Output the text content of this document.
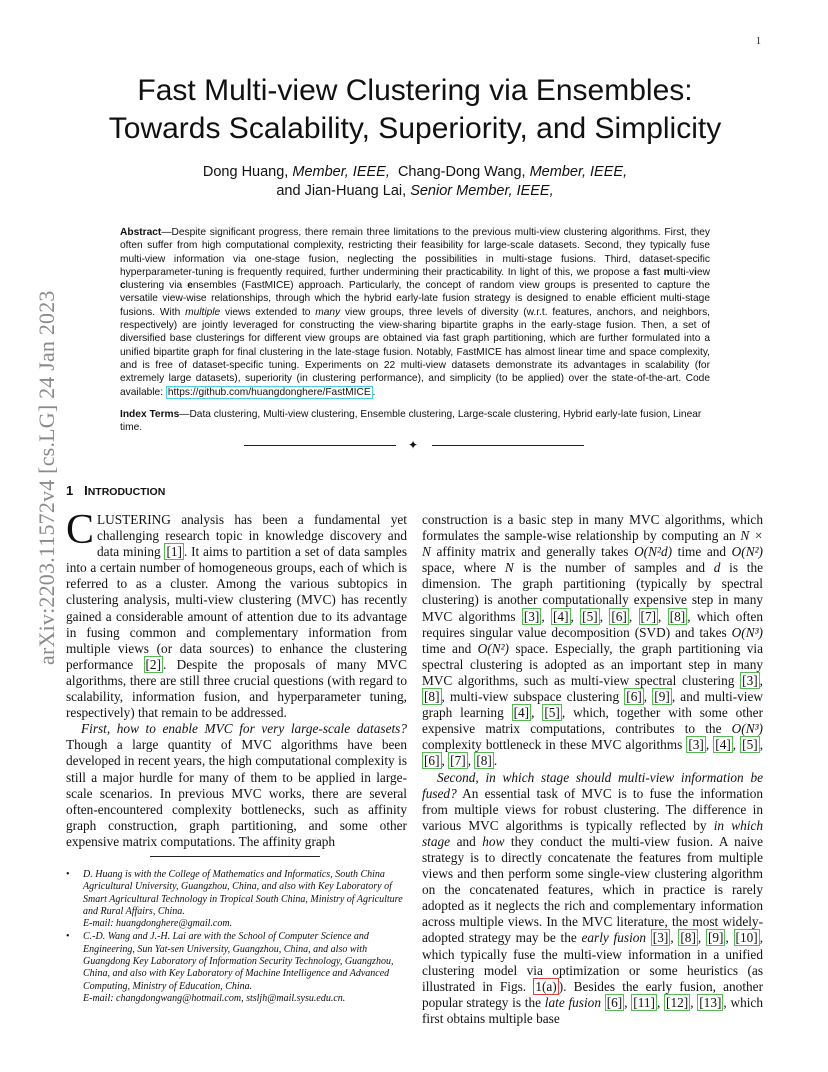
1
arXiv:2203.11572v4 [cs.LG] 24 Jan 2023
Fast Multi-view Clustering via Ensembles:
Towards Scalability, Superiority, and Simplicity
Dong Huang, Member, IEEE, Chang-Dong Wang, Member, IEEE,
and Jian-Huang Lai, Senior Member, IEEE,
Abstract—Despite significant progress, there remain three limitations to the previous multi-view clustering algorithms. First, they often suffer from high computational complexity, restricting their feasibility for large-scale datasets. Second, they typically fuse multi-view information via one-stage fusion, neglecting the possibilities in multi-stage fusions. Third, dataset-specific hyperparameter-tuning is frequently required, further undermining their practicability. In light of this, we propose a fast multi-view clustering via ensembles (FastMICE) approach. Particularly, the concept of random view groups is presented to capture the versatile view-wise relationships, through which the hybrid early-late fusion strategy is designed to enable efficient multi-stage fusions. With multiple views extended to many view groups, three levels of diversity (w.r.t. features, anchors, and neighbors, respectively) are jointly leveraged for constructing the view-sharing bipartite graphs in the early-stage fusion. Then, a set of diversified base clusterings for different view groups are obtained via fast graph partitioning, which are further formulated into a unified bipartite graph for final clustering in the late-stage fusion. Notably, FastMICE has almost linear time and space complexity, and is free of dataset-specific tuning. Experiments on 22 multi-view datasets demonstrate its advantages in scalability (for extremely large datasets), superiority (in clustering performance), and simplicity (to be applied) over the state-of-the-art. Code available: https://github.com/huangdonghere/FastMICE .
Index Terms—Data clustering, Multi-view clustering, Ensemble clustering, Large-scale clustering, Hybrid early-late fusion, Linear time.
✦
1 INTRODUCTION

CLUSTERING analysis has been a fundamental yet challenging research topic in knowledge discovery and data mining [1] . It aims to partition a set of data samples into a certain number of homogeneous groups, each of which is referred to as a cluster. Among the various subtopics in clustering analysis, multi-view clustering (MVC) has recently gained a considerable amount of attention due to its advantage in fusing common and complementary information from multiple views (or data sources) to enhance the clustering performance [2] . Despite the proposals of many MVC algorithms, there are still three crucial questions (with regard to scalability, information fusion, and hyperparameter tuning, respectively) that remain to be addressed.

First, how to enable MVC for very large-scale datasets? Though a large quantity of MVC algorithms have been developed in recent years, the high computational complexity is still a major hurdle for many of them to be applied in large-scale scenarios. In previous MVC works, there are several often-encountered complexity bottlenecks, such as affinity graph construction, graph partitioning, and some other expensive matrix computations. The affinity graph

construction is a basic step in many MVC algorithms, which formulates the sample-wise relationship by computing an N × N affinity matrix and generally takes O(N²d) time and O(N²) space, where N is the number of samples and d is the dimension. The graph partitioning (typically by spectral clustering) is another computationally expensive step in many MVC algorithms [3] , [4] , [5] , [6] , [7] , [8] , which often requires singular value decomposition (SVD) and takes O(N³) time and O(N²) space. Especially, the graph partitioning via spectral clustering is adopted as an important step in many MVC algorithms, such as multi-view spectral clustering [3] , [8] , multi-view subspace clustering [6] , [9] , and multi-view graph learning [4] , [5] , which, together with some other expensive matrix computations, contributes to the O(N³) complexity bottleneck in these MVC algorithms [3] , [4] , [5] , [6] , [7] , [8] .

Second, in which stage should multi-view information be fused? An essential task of MVC is to fuse the information from multiple views for robust clustering. The difference in various MVC algorithms is typically reflected by in which stage and how they conduct the multi-view fusion. A naive strategy is to directly concatenate the features from multiple views and then perform some single-view clustering algorithm on the concatenated features, which in practice is rarely adopted as it neglects the rich and complementary information across multiple views. In the MVC literature, the most widely-adopted strategy may be the early fusion [3] , [8] , [9] , [10] , which typically fuse the multi-view information in a unified clustering model via optimization or some heuristics (as illustrated in Figs. 1(a) ). Besides the early fusion, another popular strategy is the late fusion [6] , [11] , [12] , [13] , which first obtains multiple base

• D. Huang is with the College of Mathematics and Informatics, South China Agricultural University, Guangzhou, China, and also with Key Laboratory of Smart Agricultural Technology in Tropical South China, Ministry of Agriculture and Rural Affairs, China.
E-mail: huangdonghere@gmail.com.
• C.-D. Wang and J.-H. Lai are with the School of Computer Science and Engineering, Sun Yat-sen University, Guangzhou, China, and also with Guangdong Key Laboratory of Information Security Technology, Guangzhou, China, and also with Key Laboratory of Machine Intelligence and Advanced Computing, Ministry of Education, China.
E-mail: changdongwang@hotmail.com, stsljh@mail.sysu.edu.cn.
